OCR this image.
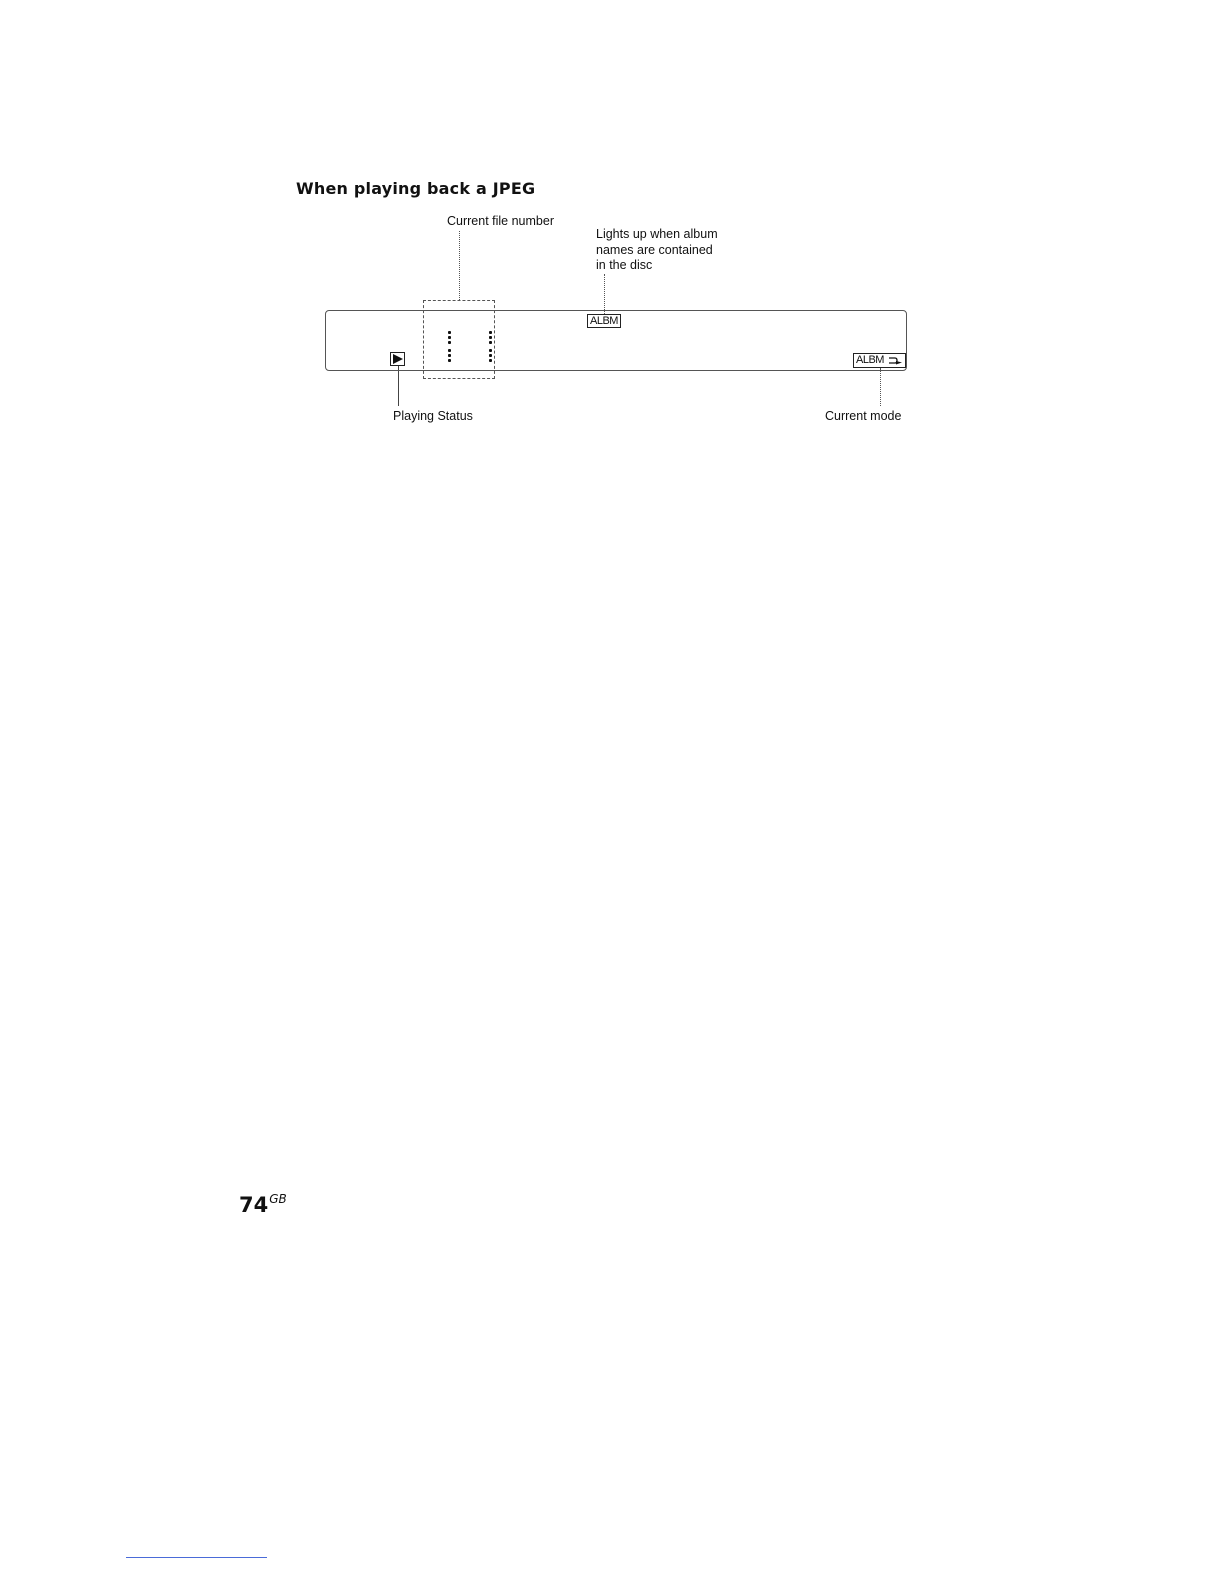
When playing back a JPEG
Current file number
Lights up when album
names are contained
in the disc
Playing Status	Current mode
ALBM
ALBM
$74^{GB}$
